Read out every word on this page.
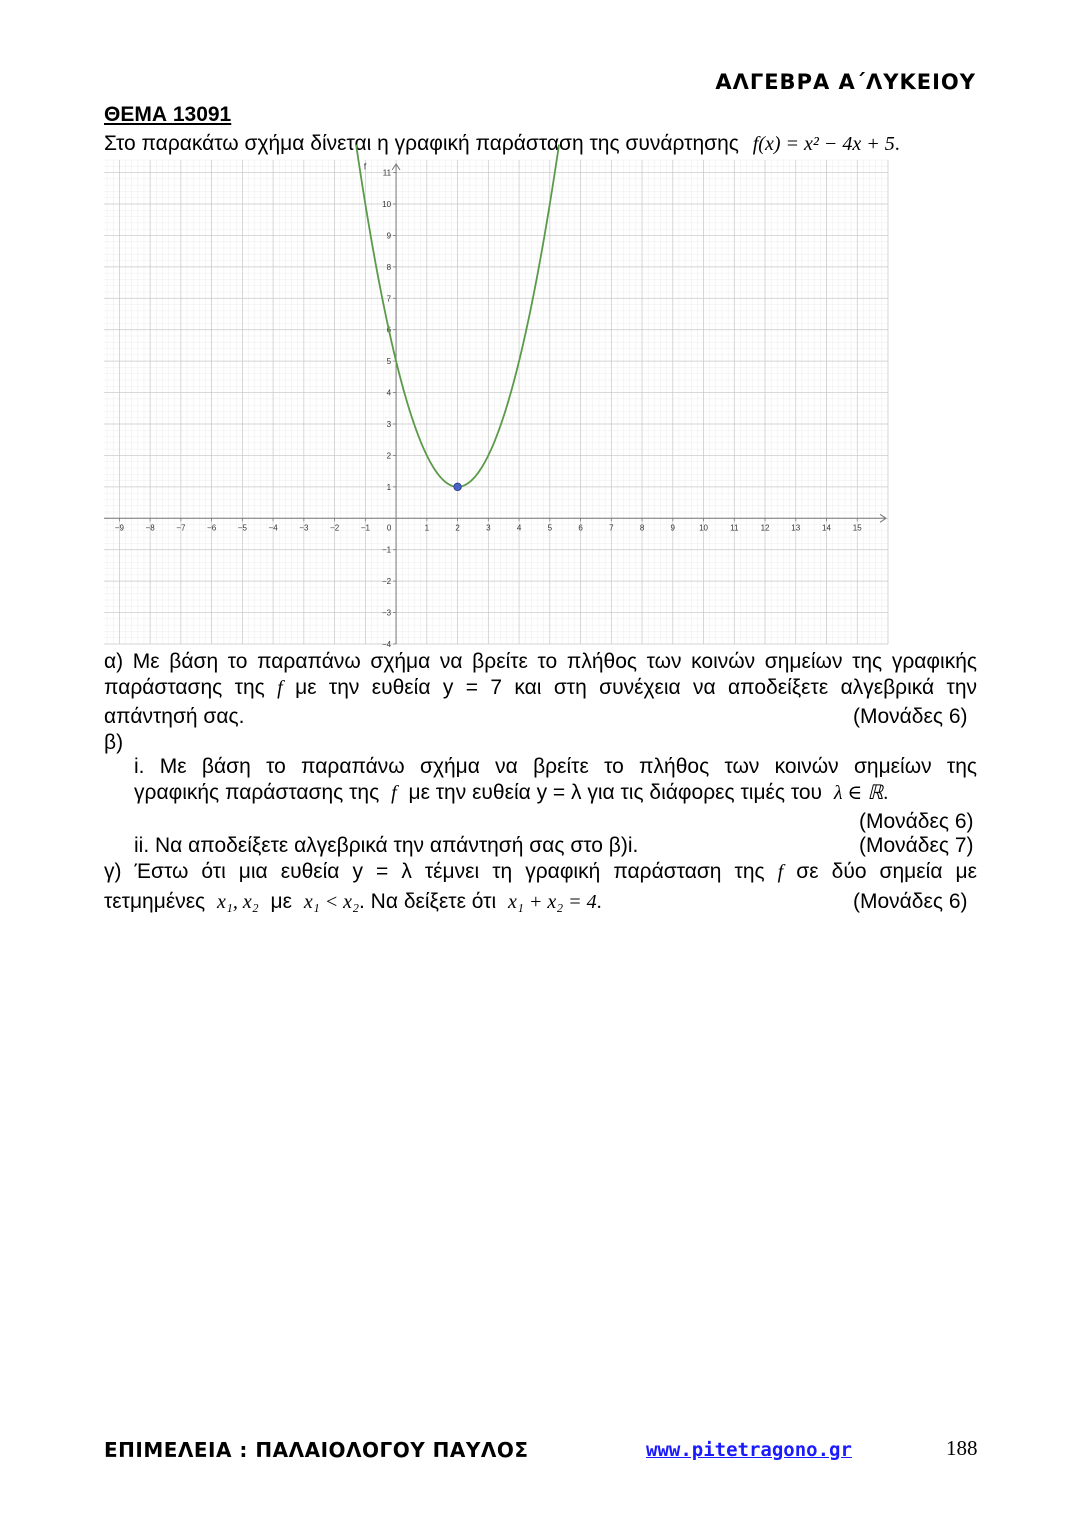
ΑΛΓΕΒΡΑ Α΄ΛΥΚΕΙΟΥ
ΘΕΜΑ 13091
Στο παρακάτω σχήμα δίνεται η γραφική παράσταση της συνάρτησης f(x) = x² − 4x + 5.
−9	−8	−7	−6	−5	−4	−3	−2	−1 0	1	2	3	4	5	6	7	8	9	10	11	12	13	14	15
−4
−3
−2
−1
1
2
3
4
5
6
7
8
9
10
11
f
α) Με βάση το παραπάνω σχήμα να βρείτε το πλήθος των κοινών σημείων της γραφικής
παράστασης της f με την ευθεία y = 7 και στη συνέχεια να αποδείξετε αλγεβρικά την
απάντησή σας.	(Μονάδες 6)
β)
i. Με βάση το παραπάνω σχήμα να βρείτε το πλήθος των κοινών σημείων της
γραφικής παράστασης της f με την ευθεία y = λ για τις διάφορες τιμές του λ ∈ ℝ.
(Μονάδες 6)
ii. Να αποδείξετε αλγεβρικά την απάντησή σας στο β)i.	(Μονάδες 7)
γ) Έστω ότι μια ευθεία y = λ τέμνει τη γραφική παράσταση της f σε δύο σημεία με
τετμημένες x₁, x₂ με x₁ < x₂. Να δείξετε ότι x₁ + x₂ = 4.	(Μονάδες 6)
ΕΠΙΜΕΛΕΙΑ : ΠΑΛΑΙΟΛΟΓΟΥ ΠΑΥΛΟΣ	www.pitetragono.gr	188
